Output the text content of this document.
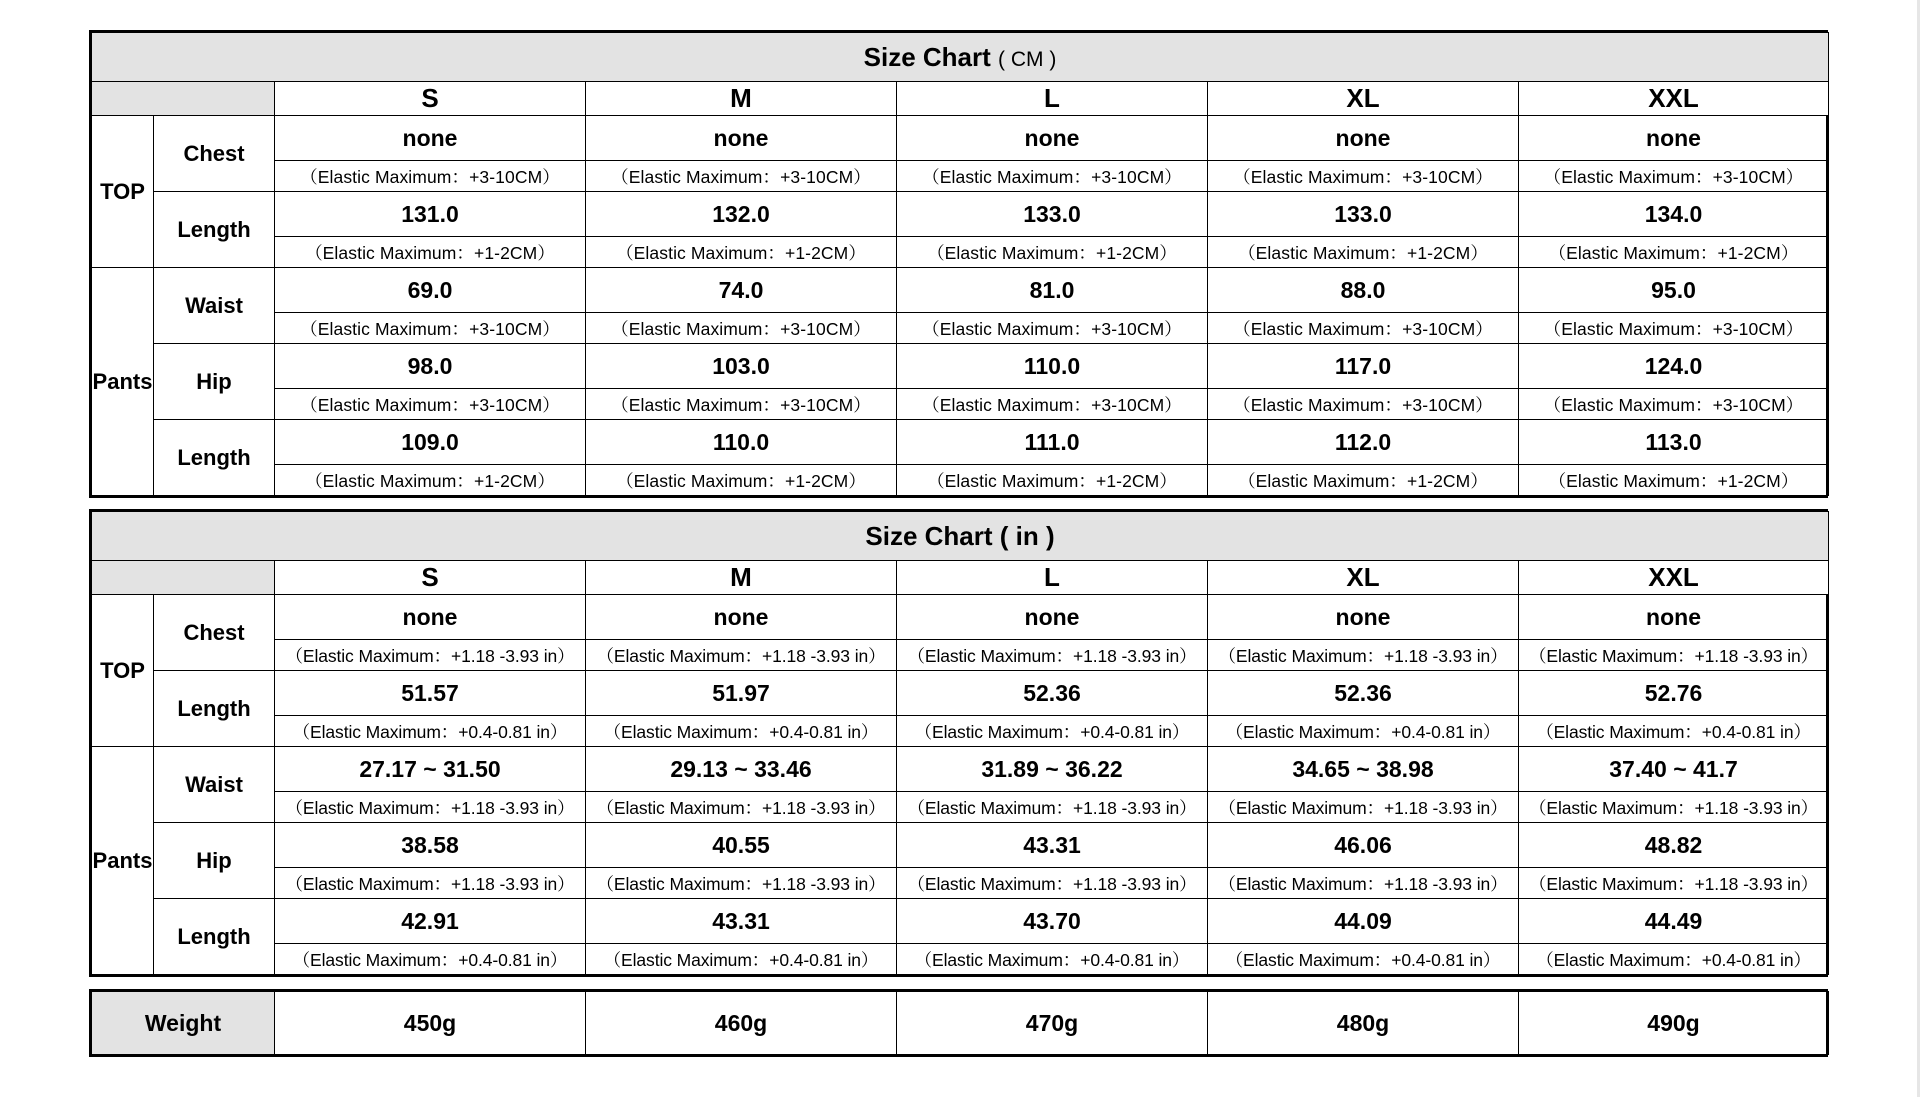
Size Chart ( CM )						
		S	M	L	XL	XXL
TOP	Chest	none	none	none	none	none
		（Elastic Maximum：+3-10CM）	（Elastic Maximum：+3-10CM）	（Elastic Maximum：+3-10CM）	（Elastic Maximum：+3-10CM）	（Elastic Maximum：+3-10CM）
	Length	131.0	132.0	133.0	133.0	134.0
		（Elastic Maximum：+1-2CM）	（Elastic Maximum：+1-2CM）	（Elastic Maximum：+1-2CM）	（Elastic Maximum：+1-2CM）	（Elastic Maximum：+1-2CM）
Pants	Waist	69.0	74.0	81.0	88.0	95.0
		（Elastic Maximum：+3-10CM）	（Elastic Maximum：+3-10CM）	（Elastic Maximum：+3-10CM）	（Elastic Maximum：+3-10CM）	（Elastic Maximum：+3-10CM）
	Hip	98.0	103.0	110.0	117.0	124.0
		（Elastic Maximum：+3-10CM）	（Elastic Maximum：+3-10CM）	（Elastic Maximum：+3-10CM）	（Elastic Maximum：+3-10CM）	（Elastic Maximum：+3-10CM）
	Length	109.0	110.0	111.0	112.0	113.0
		（Elastic Maximum：+1-2CM）	（Elastic Maximum：+1-2CM）	（Elastic Maximum：+1-2CM）	（Elastic Maximum：+1-2CM）	（Elastic Maximum：+1-2CM）
Size Chart ( in )						
		S	M	L	XL	XXL
TOP	Chest	none	none	none	none	none
		（Elastic Maximum：+1.18 -3.93 in）	（Elastic Maximum：+1.18 -3.93 in）	（Elastic Maximum：+1.18 -3.93 in）	（Elastic Maximum：+1.18 -3.93 in）	（Elastic Maximum：+1.18 -3.93 in）
	Length	51.57	51.97	52.36	52.36	52.76
		（Elastic Maximum：+0.4-0.81 in）	（Elastic Maximum：+0.4-0.81 in）	（Elastic Maximum：+0.4-0.81 in）	（Elastic Maximum：+0.4-0.81 in）	（Elastic Maximum：+0.4-0.81 in）
Pants	Waist	27.17 ~ 31.50	29.13 ~ 33.46	31.89 ~ 36.22	34.65 ~ 38.98	37.40 ~ 41.7
		（Elastic Maximum：+1.18 -3.93 in）	（Elastic Maximum：+1.18 -3.93 in）	（Elastic Maximum：+1.18 -3.93 in）	（Elastic Maximum：+1.18 -3.93 in）	（Elastic Maximum：+1.18 -3.93 in）
	Hip	38.58	40.55	43.31	46.06	48.82
		（Elastic Maximum：+1.18 -3.93 in）	（Elastic Maximum：+1.18 -3.93 in）	（Elastic Maximum：+1.18 -3.93 in）	（Elastic Maximum：+1.18 -3.93 in）	（Elastic Maximum：+1.18 -3.93 in）
	Length	42.91	43.31	43.70	44.09	44.49
		（Elastic Maximum：+0.4-0.81 in）	（Elastic Maximum：+0.4-0.81 in）	（Elastic Maximum：+0.4-0.81 in）	（Elastic Maximum：+0.4-0.81 in）	（Elastic Maximum：+0.4-0.81 in）
Weight	450g	460g	470g	480g	490g
